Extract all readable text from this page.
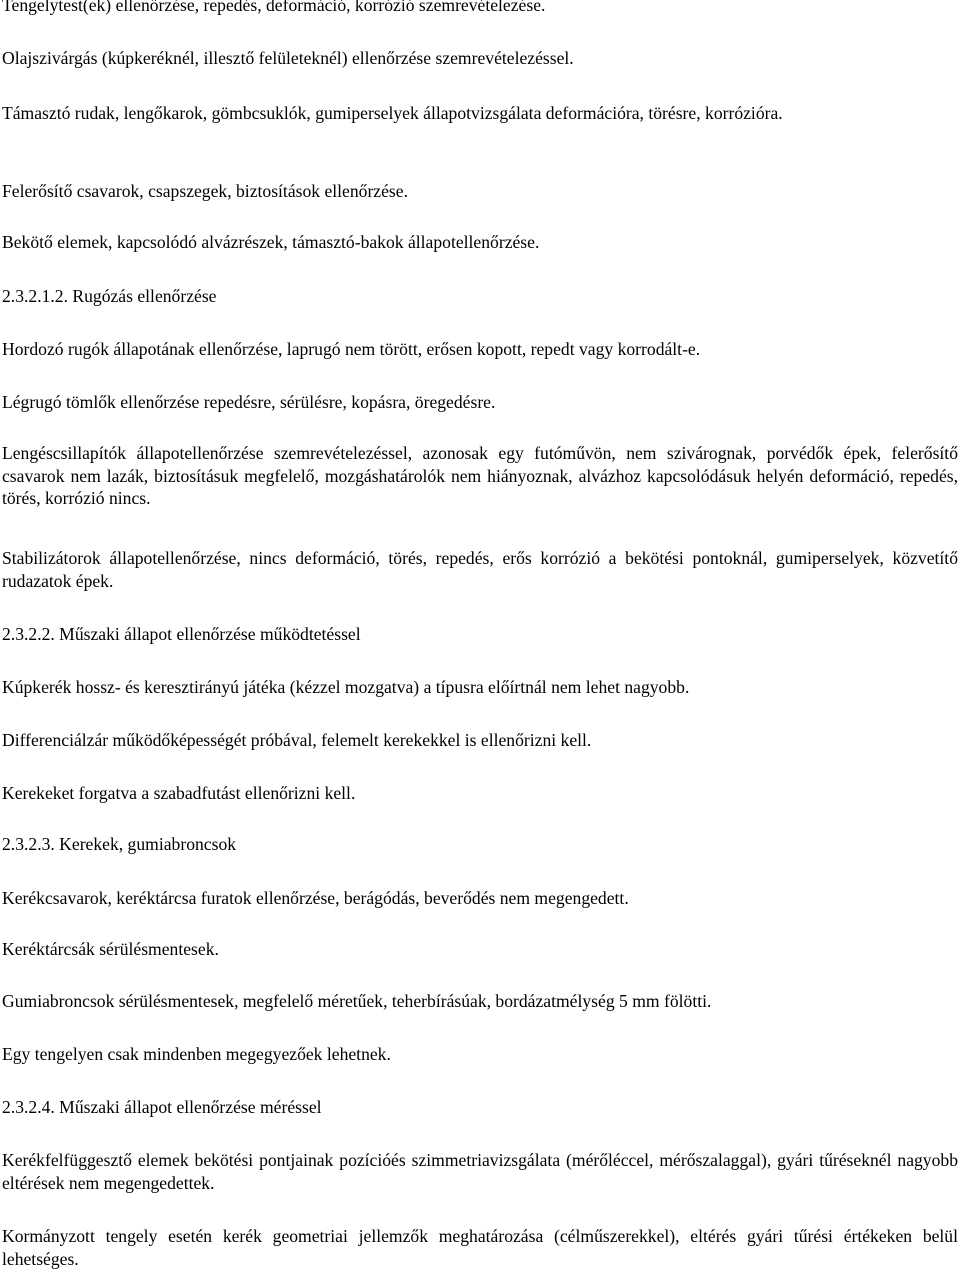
Tengelytest(ek) ellenőrzése, repedés, deformáció, korrózió szemrevételezése.

Olajszivárgás (kúpkeréknél, illesztő felületeknél) ellenőrzése szemrevételezéssel.

Támasztó rudak, lengőkarok, gömbcsuklók, gumiperselyek állapotvizsgálata deformációra, törésre, korrózióra.

Felerősítő csavarok, csapszegek, biztosítások ellenőrzése.

Bekötő elemek, kapcsolódó alvázrészek, támasztó-bakok állapotellenőrzése.

2.3.2.1.2. Rugózás ellenőrzése

Hordozó rugók állapotának ellenőrzése, laprugó nem törött, erősen kopott, repedt vagy korrodált-e.

Légrugó tömlők ellenőrzése repedésre, sérülésre, kopásra, öregedésre.

Lengéscsillapítók állapotellenőrzése szemrevételezéssel, azonosak egy futóművön, nem szivárognak, porvédők épek, felerősítő csavarok nem lazák, biztosításuk megfelelő, mozgáshatárolók nem hiányoznak, alvázhoz kapcsolódásuk helyén deformáció, repedés, törés, korrózió nincs.

Stabilizátorok állapotellenőrzése, nincs deformáció, törés, repedés, erős korrózió a bekötési pontoknál, gumiperselyek, közvetítő rudazatok épek.

2.3.2.2. Műszaki állapot ellenőrzése működtetéssel

Kúpkerék hossz- és keresztirányú játéka (kézzel mozgatva) a típusra előírtnál nem lehet nagyobb.

Differenciálzár működőképességét próbával, felemelt kerekekkel is ellenőrizni kell.

Kerekeket forgatva a szabadfutást ellenőrizni kell.

2.3.2.3. Kerekek, gumiabroncsok

Kerékcsavarok, keréktárcsa furatok ellenőrzése, berágódás, beverődés nem megengedett.

Keréktárcsák sérülésmentesek.

Gumiabroncsok sérülésmentesek, megfelelő méretűek, teherbírásúak, bordázatmélység 5 mm fölötti.

Egy tengelyen csak mindenben megegyezőek lehetnek.

2.3.2.4. Műszaki állapot ellenőrzése méréssel

Kerékfelfüggesztő elemek bekötési pontjainak pozícióés szimmetriavizsgálata (mérőléccel, mérőszalaggal), gyári tűréseknél nagyobb eltérések nem megengedettek.

Kormányzott tengely esetén kerék geometriai jellemzők meghatározása (célműszerekkel), eltérés gyári tűrési értékeken belül lehetséges.
